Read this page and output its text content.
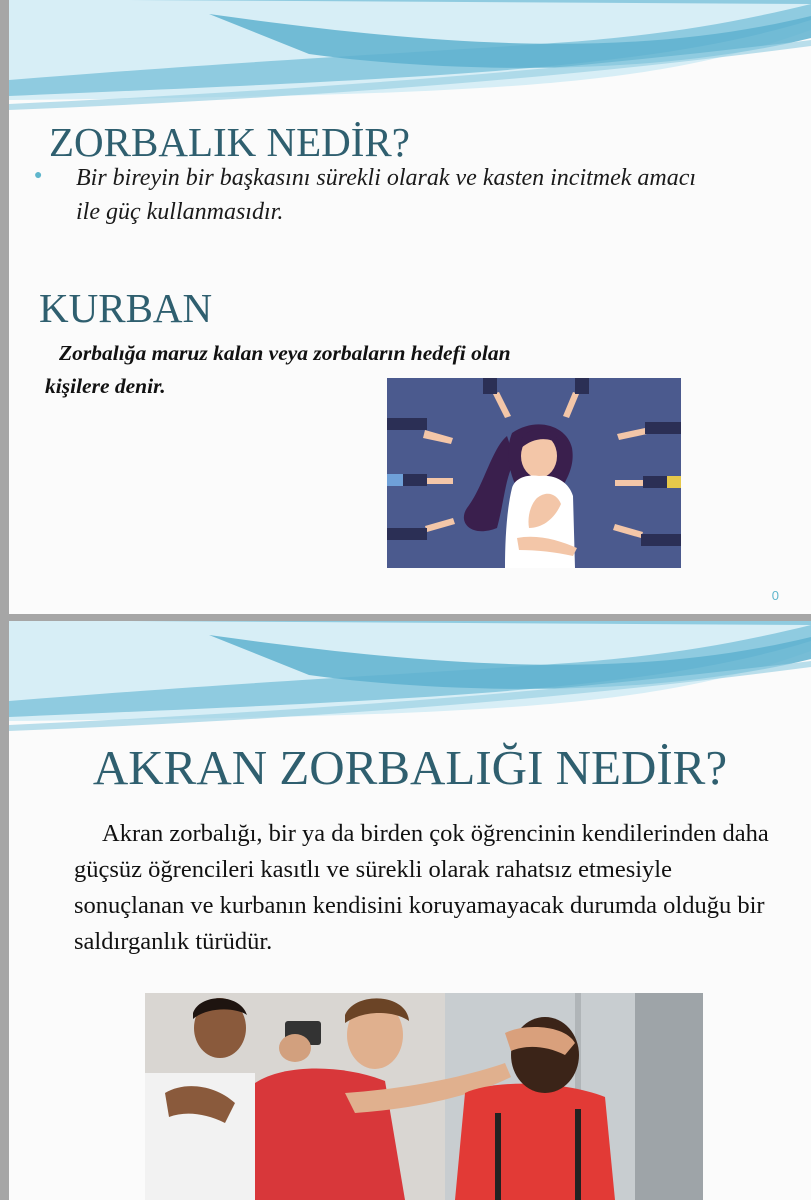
ZORBALIK NEDİR?
● Bir bireyin bir başkasını sürekli olarak ve kasten incitmek amacı ile güç kullanmasıdır.
KURBAN
Zorbalığa maruz kalan veya zorbaların hedefi olan kişilere denir.
0
AKRAN ZORBALIĞI NEDİR?
Akran zorbalığı, bir ya da birden çok öğrencinin kendilerinden daha güçsüz öğrencileri kasıtlı ve sürekli olarak rahatsız etmesiyle sonuçlanan ve kurbanın kendisini koruyamayacak durumda olduğu bir saldırganlık türüdür.
